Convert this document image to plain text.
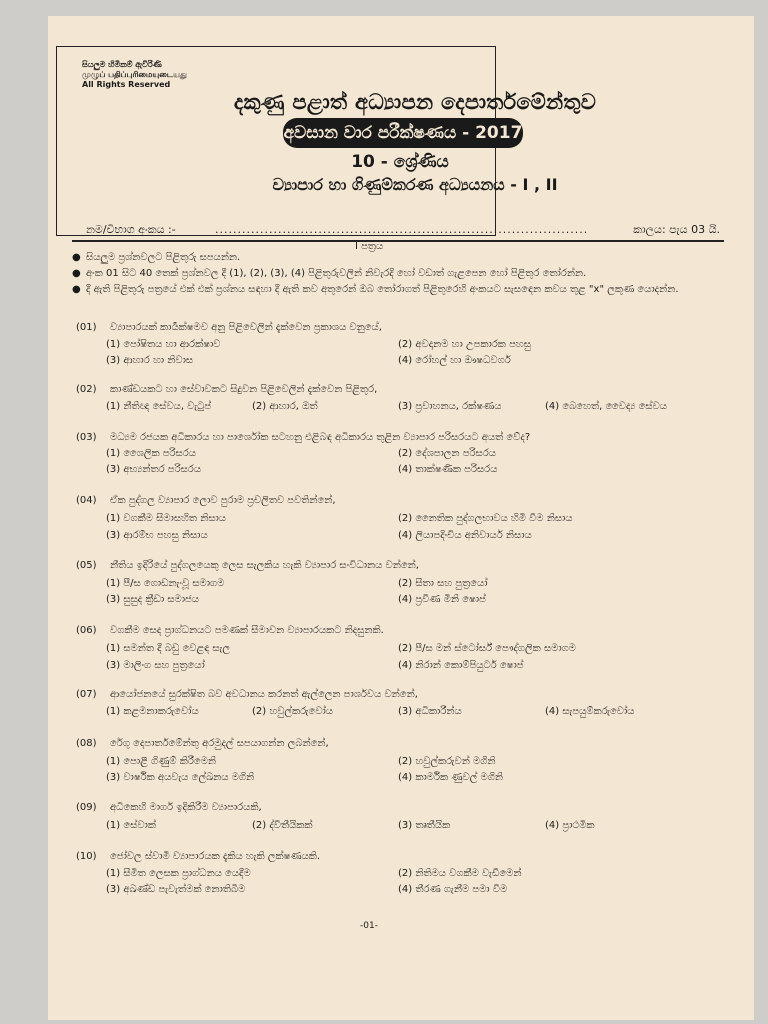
සියලුම හිමිකම් ඇවිරිණි
முழுப் பதிப்புரிமையுடையது
All Rights Reserved
දකුණු පළාත් අධ්‍යාපන දෙපාර්තමේන්තුව
අවසාන වාර පරීක්ෂණය - 2017
10 - ශ්‍රේණිය
ව්‍යාපාර හා ගිණුම්කරණ අධ්‍යයනය - I , II
නම/විභාග අංකය :-	...................................................................................	කාලය: පැය 03 යි.
I පත්‍රය
● සියලුම ප්‍රශ්නවලට පිළිතුරු සපයන්න.
● අංක 01 සිට 40 තෙක් ප්‍රශ්නවල දී (1), (2), (3), (4) පිළිතුරුවලින් නිවැරදි හෝ වඩාත් ගැළපෙන හෝ පිළිතුර තෝරන්න.
● දී ඇති පිළිතුරු පත්‍රයේ එක් එක් ප්‍රශ්නය සඳහා දී ඇති කව අතුරෙන් ඔබ තෝරාගත් පිළිතුරෙහි අංකයට සැසඳෙන කවය තුළ "x" ලකුණ යොදන්න.
(01) ව්‍යාපාරයක් කාර්‍යක්ෂමව අනු පිළිවෙලින් දැක්වෙන ප්‍රකාශය වනුයේ,
(1) පෝෂිතය හා ආරක්ෂාව	(2) අවදානම හා උපකාරක පහසු
(3) ආහාර හා නිවාස	(4) රෝහල් හා ඖෂධවර්ග
(02) කාණ්ඩයකට හා සේවාවකට සිදුවන පිළිවෙලින් දැක්වෙන පිළිතුර,
(1) නීතිඥ සේවය, වැටුප්	(2) ආහාර, ඔත්	(3) ප්‍රවාහනය, රක්ෂණය	(4) බෙහෙත්, වෛද්‍ය සේවය
(03) මධ්‍යම රජයක අධිකාරය හා පාර්ශෝක සටහනු එළිබඳ අධිකාරය තුළින ව්‍යාපාර පරිසරයට අයත් වේද?
(1) ශෛලික පරිසරය	(2) දේශපාලන පරිසරය
(3) අභ්‍යන්තර පරිසරය	(4) තාක්ෂණික පරිසරය
(04) ඒක පුද්ගල ව්‍යාපාර ලොව පුරාම ප්‍රචලිතව පවතින්නේ,
(1) වගකීම සීමාසහිත නිසාය	(2) නෛතික පුද්ගලභාවය හිමි වීම නිසාය
(3) ආරම්භ පහසු නිසාය	(4) ලියාපදිංචිය අනිවාර්ය නිසාය
(05) නීතිය ඉදිරියේ පුද්ගලයෙකු ලෙස සැලකිය හැකි ව්‍යාපාර සංවිධානය වන්නේ,
(1) පී/ස ගොඩනැංවූ සමාගම	(2) සීතා සහ පුත්‍රයෝ
(3) සුසුද ක්‍රීඩා සමාජය	(4) ප්‍රවීණ මිනි ෂොප්
(06) වගකීම සෙද ප්‍රාග්ධනයට පමණක් සීමාවන ව්‍යාපාරයකට නිදසුනකි.
(1) සමන්ත දී බඩු වෙළඳ සැල	(2) පී/ස මන් ස්ටෝර්ස් පෞද්ගලික සමාගම
(3) මාලිංග සහ පුත්‍රයෝ	(4) නිරාන් කොම්පියුටර් ෂොප්
(07) ආයෝජනයේ සුරක්ෂිත බව අවධානය කරනත් ඇල්ලෙන පාර්ශවය වන්නේ,
(1) කළමනාකරුවෝය	(2) හවුල්කරුවෝය	(3) අධිකාරීන්ය	(4) සැපයුම්කරුවෝය
(08) රේගු දෙපාර්තමේන්තු අරමුදල් සපයාගන්න ලබන්නේ,
(1) පොළී ගිණුම් කිරීමෙනි	(2) හවුල්කරුවන් මගිනි
(3) වාර්ෂික අයවැය ලේඛනය මගිනි	(4) කාර්මික ණුවල් මගිනි
(09) අධිකෙහි මාර්ග ඉදිකිරීම ව්‍යාපාරයකි,
(1) සේවාක්	(2) ද්විතීයිකක්	(3) තෘතීයික	(4) ප්‍රාථමික
(10) ජෝවල ස්වාමී ව්‍යාපාරයක දැකිය හැකි ලක්ෂණයකි.
(1) සීමිත ලෙසක ප්‍රාග්ධනය යෙදීම	(2) නිතිමය වගකීම වැඩීමෙන්
(3) අඛණ්ඩ පැවැත්මක් නොතිබීම	(4) තීරණ ගැනීම පමා වීම
-01-
